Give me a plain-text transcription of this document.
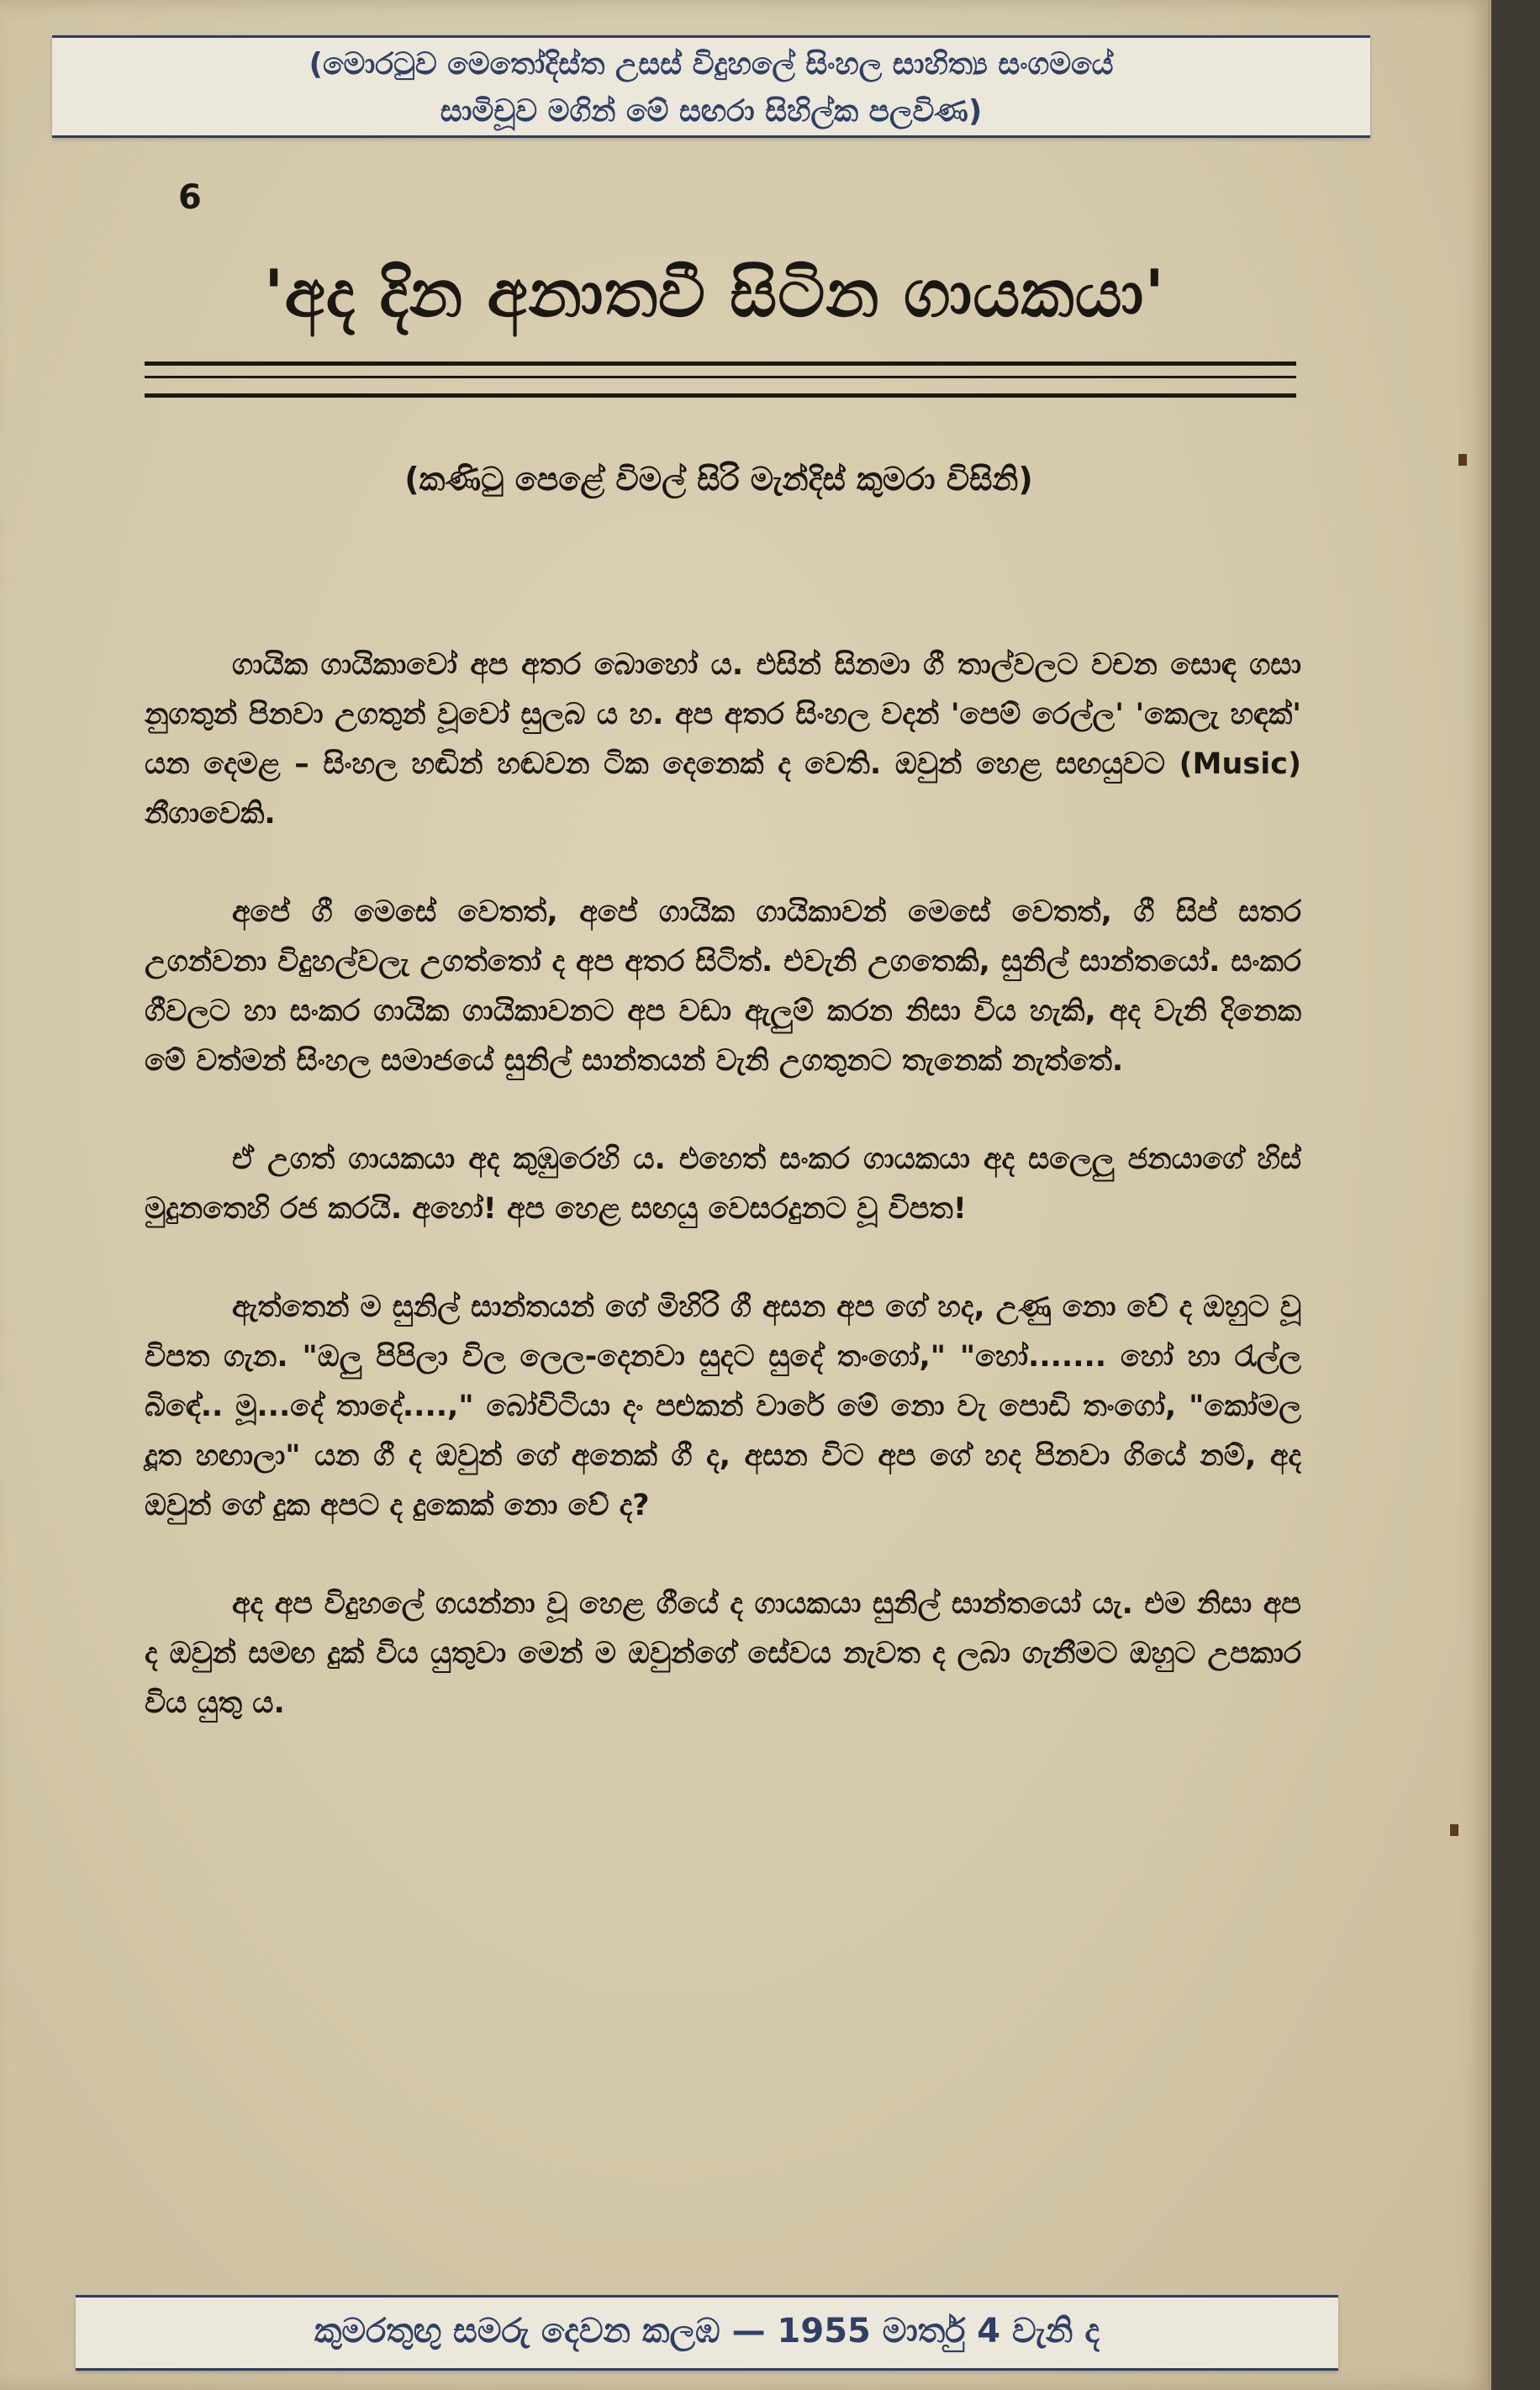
(මොරටුව මෙතෝදිස්ත උසස් විදුහලේ සිංහල සාහිත්‍ය සංගමයේ
සාමිචූව මගින් මේ සඟරා සිහිල්ක පලවිණ)
6
'අද දින අනාතවී සිටින ගායකයා'
(කණිටු පෙළේ විමල් සිරි මැන්දිස් කුමරා විසිනි)

ගායික ගායිකාවෝ අප අතර බොහෝ ය. එසින් සිනමා ගී තාල්වලට වචන සොඳ ගසා නුගතුන් පිනවා උගතුන් වූවෝ සුලබ ය හ. අප අතර සිංහල වදන් 'පෙම් රෙල්ල' 'කෙලැ හඳක්' යන දෙමළ – සිංහල හඬින් හඬවන ටික දෙනෙක් ද වෙති. ඔවුන් හෙළ සඟයුවට (Music) නීගාවෙකි.

අපේ ගී මෙසේ වෙතත්, අපේ ගායික ගායිකාවන් මෙසේ වෙතත්, ගී සිප් සතර උගන්වනා විදුහල්වලැ උගත්තෝ ද අප අතර සිටිත්. එවැනි උගතෙකි, සුනිල් සාන්තයෝ. සංකර ගීවලට හා සංකර ගායික ගායිකාවනට අප වඩා ඇලුම් කරන නිසා විය හැකි, අද වැනි දිනෙක මේ වත්මන් සිංහල සමාජයේ සුනිල් සාන්තයන් වැනි උගතුනට තැනෙක් නැත්තේ.

ඒ උගත් ගායකයා අද කුඹුරෙහි ය. එහෙත් සංකර ගායකයා අද සලෙලු ජනයාගේ හිස් මුදුනතෙහි රජ කරයි. අහෝ! අප හෙළ සඟයු වෙසරදුනට වූ විපත!

ඇත්තෙන් ම සුනිල් සාන්තයන් ගේ මිහිරි ගී අසන අප ගේ හද, උණු නො වේ ද ඔහුට වූ විපත ගැන. "ඔලු පිපිලා විල ලෙල-දෙනවා සුදට සුදේ තංගෝ," "හෝ....... හෝ හා රැල්ල බිඳේ.. මූ...දේ තාදේ....," බෝවිටියා දං පළුකන් වාරේ මේ නො වැ පොඩි තංගෝ, "කෝමල දූත හඟාලා" යන ගී ද ඔවුන් ගේ අනෙක් ගී ද, අසන විට අප ගේ හද පිනවා ගියේ නම්, අද ඔවුන් ගේ දුක අපට ද දුකෙක් නො වේ ද?

අද අප විදුහලේ ගයන්නා වූ හෙළ ගීයේ ද ගායකයා සුනිල් සාන්තයෝ යැ. එම නිසා අප ද ඔවුන් සමඟ දුක් විය යුතුවා මෙන් ම ඔවුන්ගේ සේවය නැවත ද ලබා ගැනීමට ඔහුට උපකාර විය යුතු ය.

කුමරතුඟු සමරු දෙවන කලඹ — 1955 මාර්තු 4 වැනි ද
